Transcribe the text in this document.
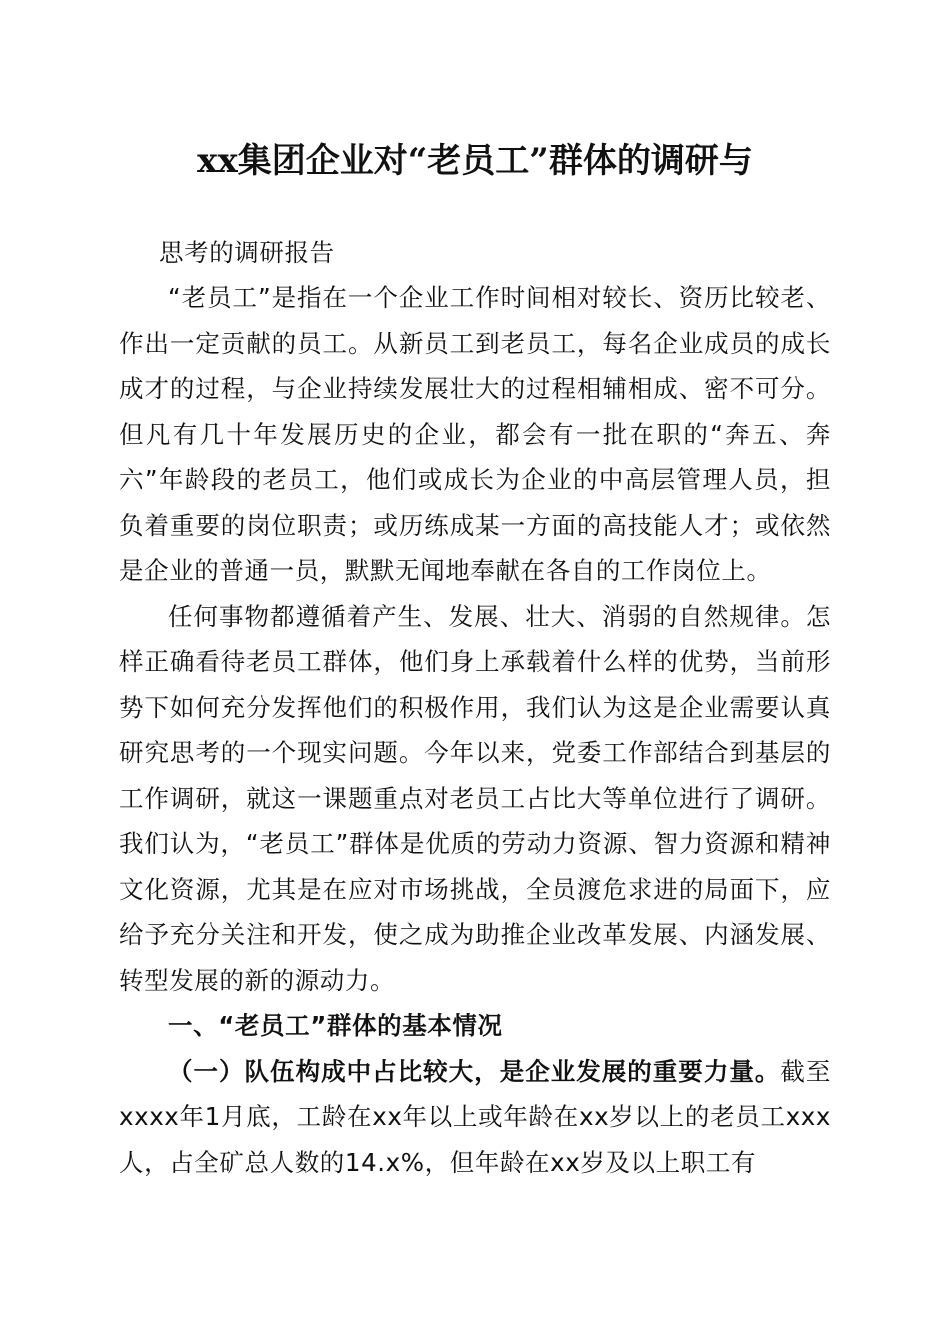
xx集团企业对“老员工”群体的调研与
思考的调研报告

“老员工”是指在一个企业工作时间相对较长、资历比较老、作出一定贡献的员工。从新员工到老员工，每名企业成员的成长成才的过程，与企业持续发展壮大的过程相辅相成、密不可分。但凡有几十年发展历史的企业，都会有一批在职的“奔五、奔六”年龄段的老员工，他们或成长为企业的中高层管理人员，担负着重要的岗位职责；或历练成某一方面的高技能人才；或依然是企业的普通一员，默默无闻地奉献在各自的工作岗位上。

任何事物都遵循着产生、发展、壮大、消弱的自然规律。怎样正确看待老员工群体，他们身上承载着什么样的优势，当前形势下如何充分发挥他们的积极作用，我们认为这是企业需要认真研究思考的一个现实问题。今年以来，党委工作部结合到基层的工作调研，就这一课题重点对老员工占比大等单位进行了调研。我们认为，“老员工”群体是优质的劳动力资源、智力资源和精神文化资源，尤其是在应对市场挑战，全员渡危求进的局面下，应给予充分关注和开发，使之成为助推企业改革发展、内涵发展、转型发展的新的源动力。

一、“老员工”群体的基本情况

（一）队伍构成中占比较大，是企业发展的重要力量。截至xxxx年1月底，工龄在xx年以上或年龄在xx岁以上的老员工xxx人，占全矿总人数的14.x%，但年龄在xx岁及以上职工有
